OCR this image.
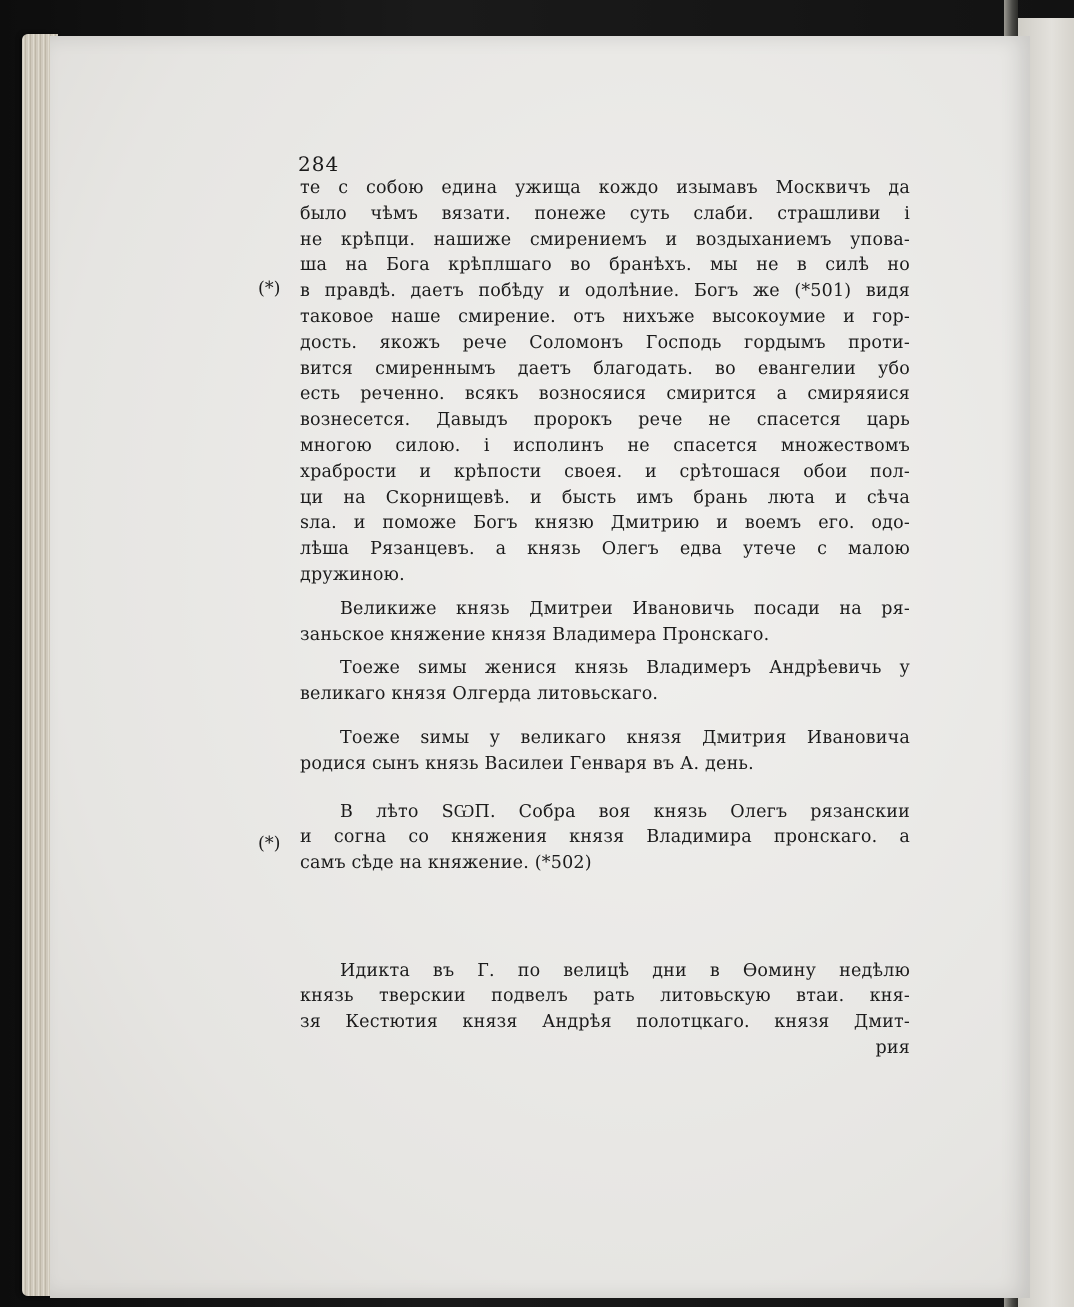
284
(*)
(*)
те с собою едина ужища кождо изымавъ Москвичъ да
было чѣмъ вязати. понеже суть слаби. страшливи і
не крѣпци. нашиже смирениемъ и воздыханиемъ упова-
ша на Бога крѣплшаго во бранѣхъ. мы не в силѣ но
в правдѣ. даетъ побѣду и одолѣние. Богъ же (*501) видя
таковое наше смирение. отъ нихъже высокоумие и гор-
дость. якожъ рече Соломонъ Господь гордымъ проти-
вится смиреннымъ даетъ благодать. во евангелии убо
есть реченно. всякъ возносяися смирится а смиряяися
вознесется. Давыдъ пророкъ рече не спасется царь
многою силою. і исполинъ не спасется множествомъ
храбрости и крѣпости своея. и срѣтошася обои пол-
ци на Скорнищевѣ. и бысть имъ брань люта и сѣча
ѕла. и поможе Богъ князю Дмитрию и воемъ его. одо-
лѣша Рязанцевъ. а князь Олегъ едва утече с малою
дружиною.
Великиже князь Дмитреи Ивановичь посади на ря-
заньское княжение князя Владимера Пронскаго.
Тоеже ѕимы женися князь Владимеръ Андрѣевичь у
великаго князя Олгерда литовьскаго.
Тоеже ѕимы у великаго князя Дмитрия Ивановича
родися сынъ князь Василеи Генваря въ А. день.
В лѣто ЅѠП. Собра воя князь Олегъ рязанскии
и согна со княжения князя Владимира пронскаго. а
самъ сѣде на княжение. (*502)
Идикта въ Г. по велицѣ дни в Ѳомину недѣлю
князь тверскии подвелъ рать литовьскую втаи. кня-
зя Кестютия князя Андрѣя полотцкаго. князя Дмит-
рия
